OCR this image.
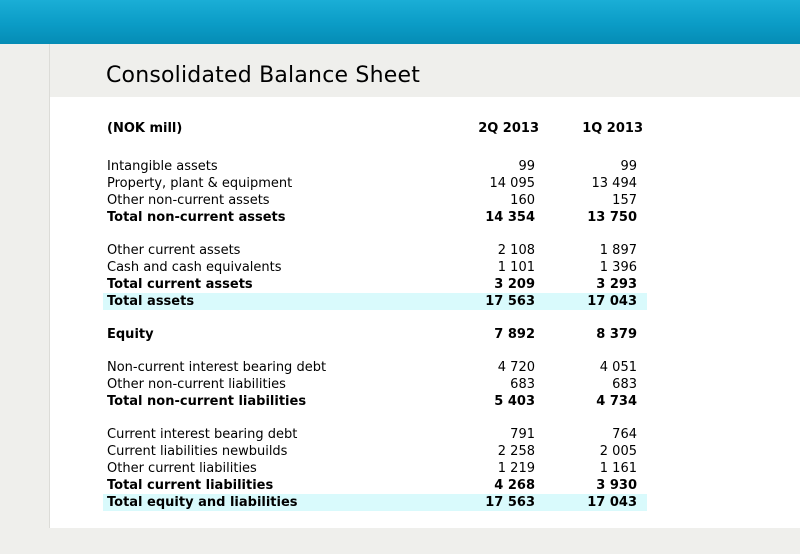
Consolidated Balance Sheet
(NOK mill)	2Q 2013	1Q 2013
Intangible assets	99	99
Property, plant & equipment	14 095	13 494
Other non-current assets	160	157
Total non-current assets	14 354	13 750
Other current assets	2 108	1 897
Cash and cash equivalents	1 101	1 396
Total current assets	3 209	3 293
Total assets	17 563	17 043
Equity	7 892	8 379
Non-current interest bearing debt	4 720	4 051
Other non-current liabilities	683	683
Total non-current liabilities	5 403	4 734
Current interest bearing debt	791	764
Current liabilities newbuilds	2 258	2 005
Other current liabilities	1 219	1 161
Total current liabilities	4 268	3 930
Total equity and liabilities	17 563	17 043
